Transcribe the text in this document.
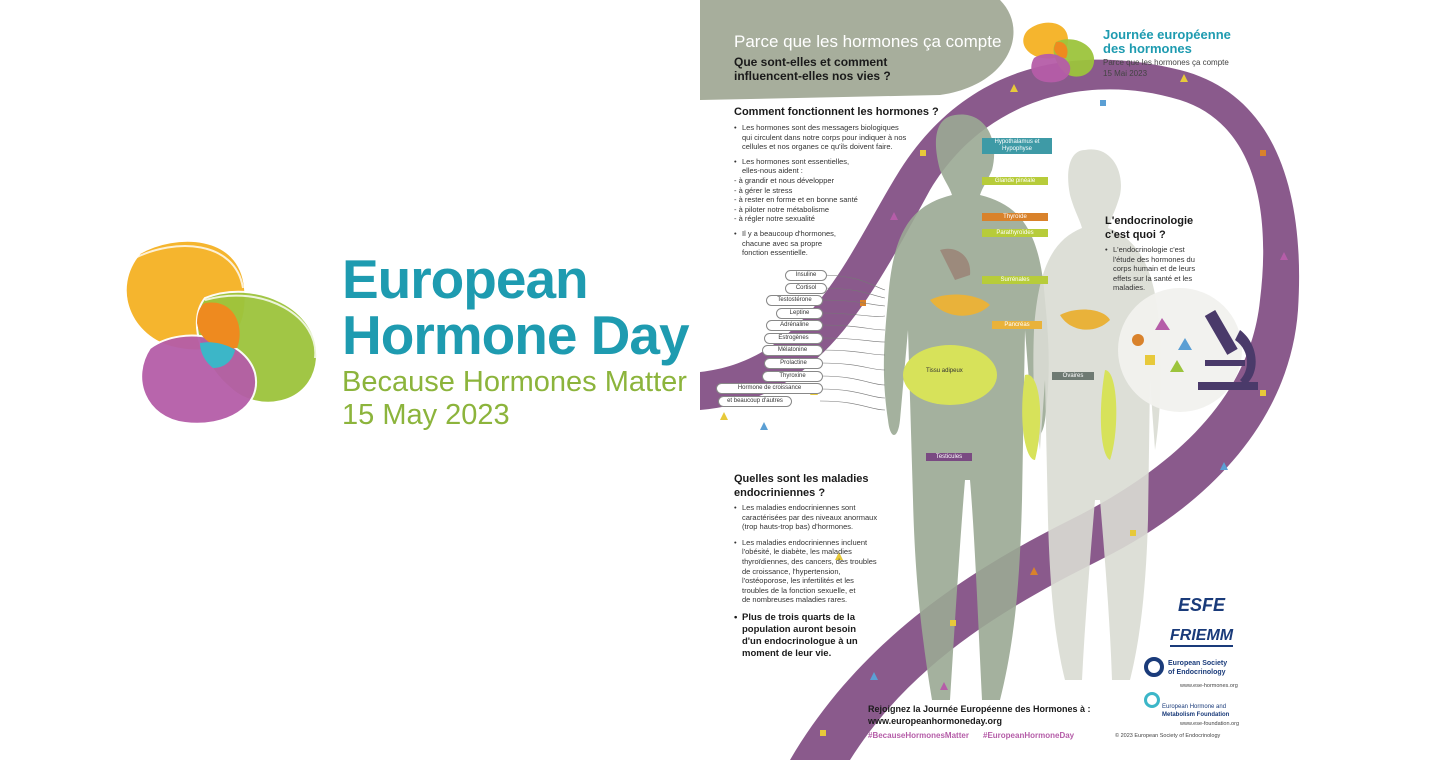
European
Hormone Day
Because Hormones Matter
15 May 2023
Parce que les hormones ça compte
Que sont-elles et comment
influencent-elles nos vies ?
Journée européenne
des hormones
Parce que les hormones ça compte
15 Mai 2023
Comment fonctionnent les hormones ?
• Les hormones sont des messagers biologiques
qui circulent dans notre corps pour indiquer à nos
cellules et nos organes ce qu'ils doivent faire.
• Les hormones sont essentielles,
elles-nous aident :
- à grandir et nous développer
- à gérer le stress
- à rester en forme et en bonne santé
- à piloter notre métabolisme
- à régler notre sexualité
• Il y a beaucoup d'hormones,
chacune avec sa propre
fonction essentielle.
Insuline
Cortisol
Testostérone
Leptine
Adrénaline
Estrogènes
Mélatonine
Prolactine
Thyroxine
Hormone de croissance
et beaucoup d'autres
Hypothalamus et
Hypophyse
Glande pinéale
Thyroïde
Parathyroïdes
Surrénales
Pancréas
Tissu adipeux
Ovaires
Testicules
L'endocrinologie
c'est quoi ?
• L'endocrinologie c'est
l'étude des hormones du
corps humain et de leurs
effets sur la santé et les
maladies.
Quelles sont les maladies
endocriniennes ?
• Les maladies endocriniennes sont
caractérisées par des niveaux anormaux
(trop hauts-trop bas) d'hormones.
• Les maladies endocriniennes incluent
l'obésité, le diabète, les maladies
thyroïdiennes, des cancers, des troubles
de croissance, l'hypertension,
l'ostéoporose, les infertilités et les
troubles de la fonction sexuelle, et
de nombreuses maladies rares.
• Plus de trois quarts de la
population auront besoin
d'un endocrinologue à un
moment de leur vie.
Rejoignez la Journée Européenne des Hormones à :
www.europeanhormoneday.org
#BecauseHormonesMatter #EuropeanHormoneDay
ESFE
FRIEMM
European Society
of Endocrinology
www.ese-hormones.org
European Hormone and
Metabolism Foundation
www.ese-foundation.org
© 2023 European Society of Endocrinology
